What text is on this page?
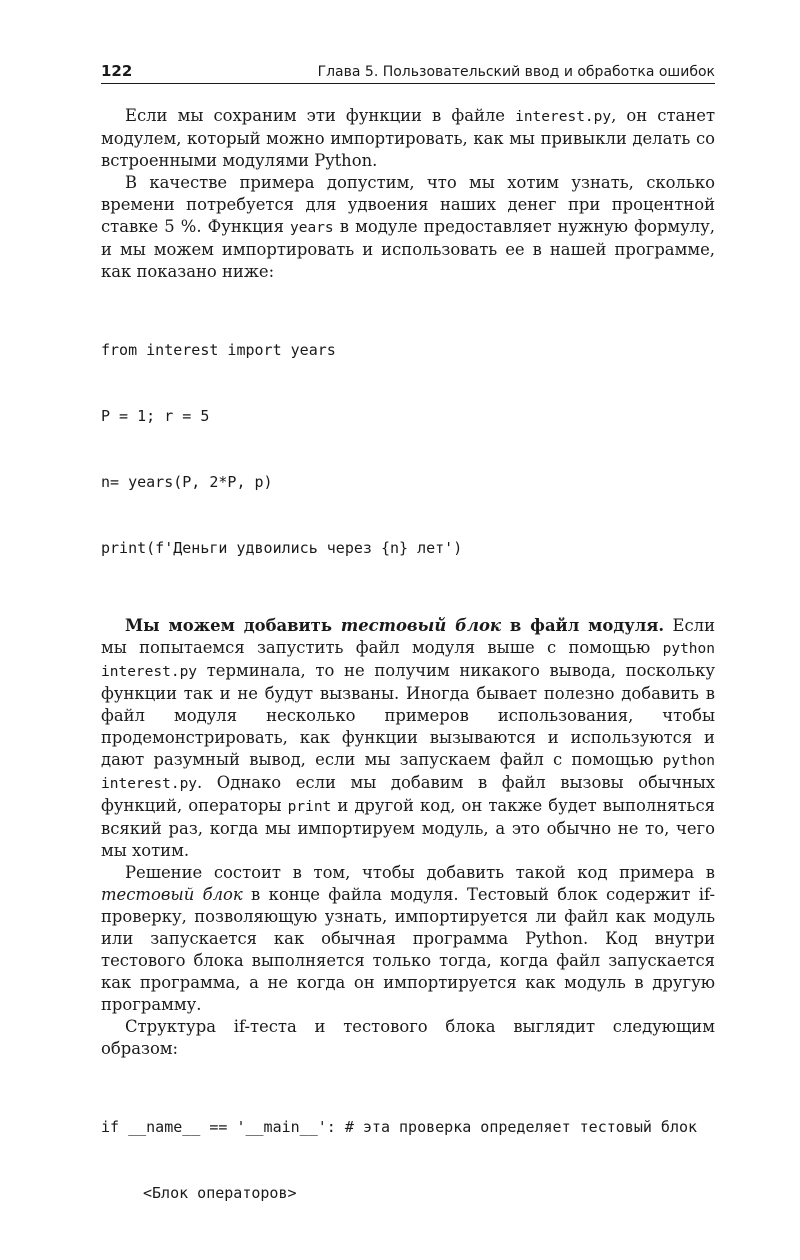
122	Глава 5. Пользовательский ввод и обработка ошибок

Если мы сохраним эти функции в файле interest.py, он станет модулем, который можно импортировать, как мы привыкли делать со встроенными модулями Python.

В качестве примера допустим, что мы хотим узнать, сколько времени потребуется для удвоения наших денег при процентной ставке 5 %. Функция years в модуле предоставляет нужную формулу, и мы можем импортировать и использовать ее в нашей программе, как показано ниже:

from interest import years

P = 1; r = 5

n= years(P, 2*P, p)

print(f'Деньги удвоились через {n} лет')

Мы можем добавить тестовый блок в файл модуля. Если мы попытаемся запустить файл модуля выше с помощью python interest.py терминала, то не получим никакого вывода, поскольку функции так и не будут вызваны. Иногда бывает полезно добавить в файл модуля несколько примеров использования, чтобы продемонстрировать, как функции вызываются и используются и дают разумный вывод, если мы запускаем файл с помощью python interest.py. Однако если мы добавим в файл вызовы обычных функций, операторы print и другой код, он также будет выполняться всякий раз, когда мы импортируем модуль, а это обычно не то, чего мы хотим.

Решение состоит в том, чтобы добавить такой код примера в тестовый блок в конце файла модуля. Тестовый блок содержит if-проверку, позволяющую узнать, импортируется ли файл как модуль или запускается как обычная программа Python. Код внутри тестового блока выполняется только тогда, когда файл запускается как программа, а не когда он импортируется как модуль в другую программу.

Структура if-теста и тестового блока выглядит следующим образом:

if __name__ == '__main__': # эта проверка определяет тестовый блок

<Блок операторов>
